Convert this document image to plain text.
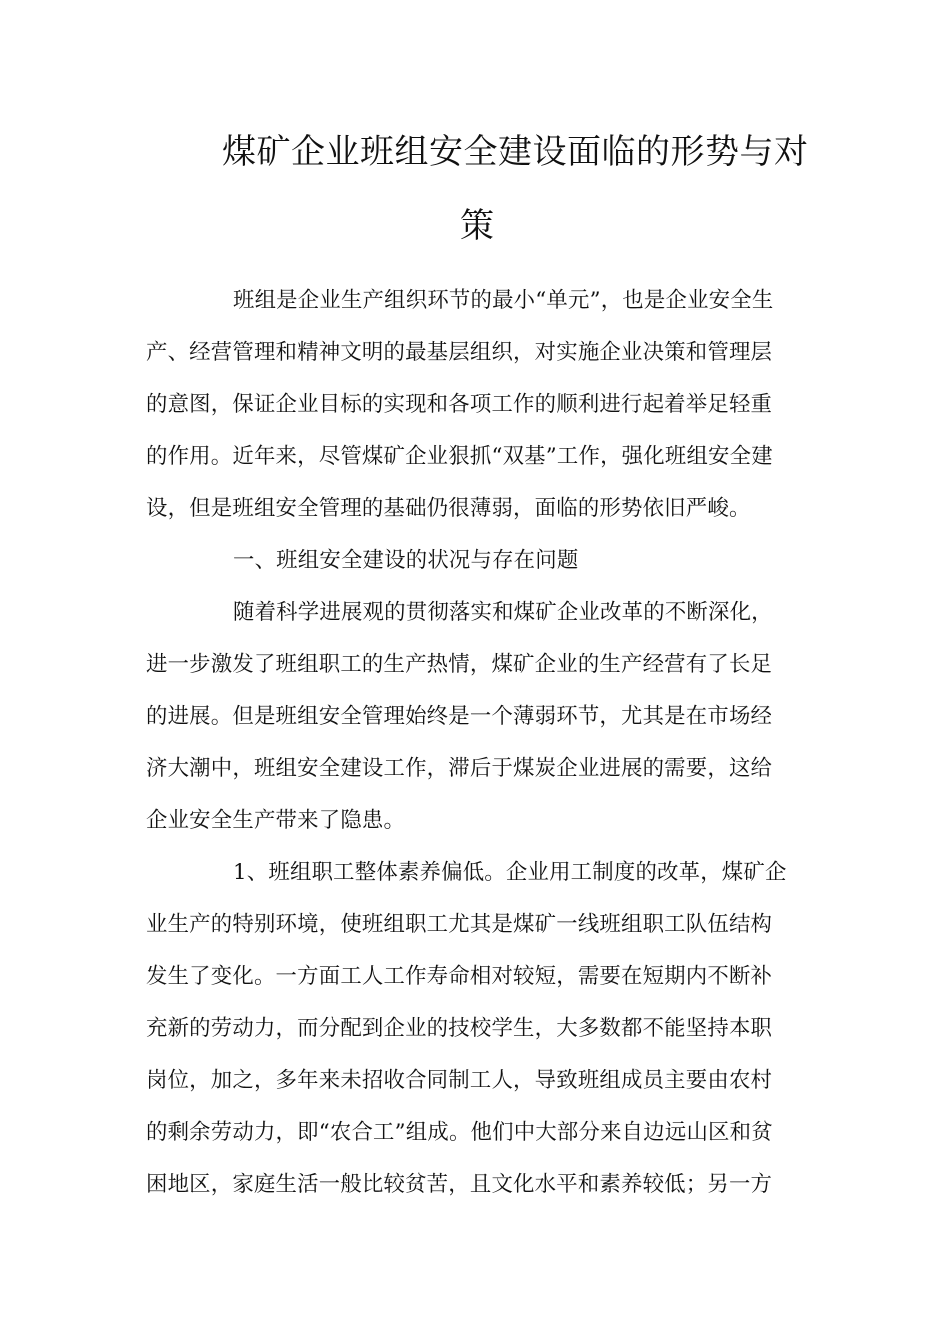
煤矿企业班组安全建设面临的形势与对
策
班组是企业生产组织环节的最小“单元”，也是企业安全生
产、经营管理和精神文明的最基层组织，对实施企业决策和管理层
的意图，保证企业目标的实现和各项工作的顺利进行起着举足轻重
的作用。近年来，尽管煤矿企业狠抓“双基”工作，强化班组安全建
设，但是班组安全管理的基础仍很薄弱，面临的形势依旧严峻。
一、班组安全建设的状况与存在问题
随着科学进展观的贯彻落实和煤矿企业改革的不断深化，
进一步激发了班组职工的生产热情，煤矿企业的生产经营有了长足
的进展。但是班组安全管理始终是一个薄弱环节，尤其是在市场经
济大潮中，班组安全建设工作，滞后于煤炭企业进展的需要，这给
企业安全生产带来了隐患。
1、班组职工整体素养偏低。企业用工制度的改革，煤矿企
业生产的特别环境，使班组职工尤其是煤矿一线班组职工队伍结构
发生了变化。一方面工人工作寿命相对较短，需要在短期内不断补
充新的劳动力，而分配到企业的技校学生，大多数都不能坚持本职
岗位，加之，多年来未招收合同制工人，导致班组成员主要由农村
的剩余劳动力，即“农合工”组成。他们中大部分来自边远山区和贫
困地区，家庭生活一般比较贫苦，且文化水平和素养较低；另一方
